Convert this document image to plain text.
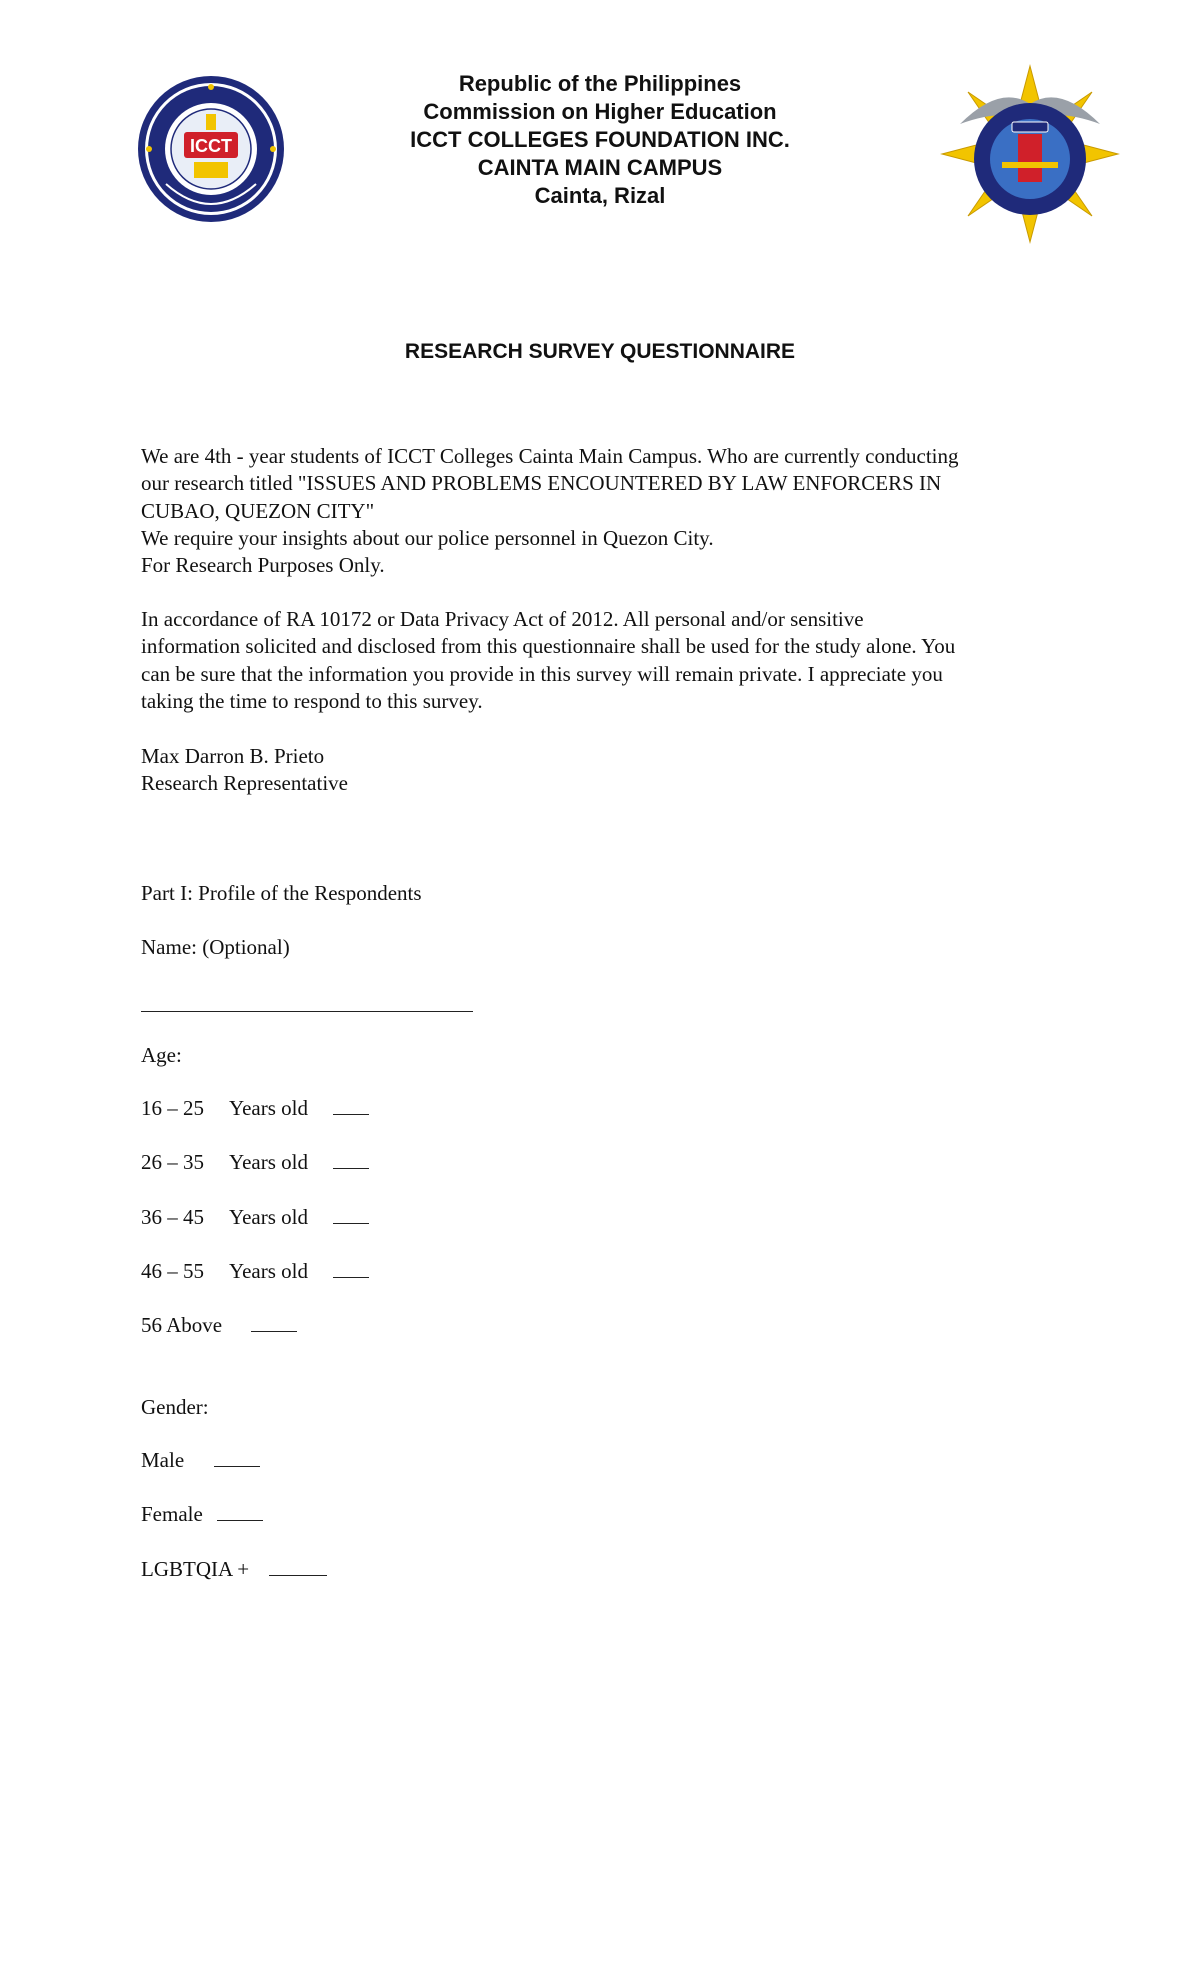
ICCT
Republic of the Philippines
Commission on Higher Education
ICCT COLLEGES FOUNDATION INC.
CAINTA MAIN CAMPUS
Cainta, Rizal
RESEARCH SURVEY QUESTIONNAIRE

We are 4th - year students of ICCT Colleges Cainta Main Campus. Who are currently conducting

our research titled "ISSUES AND PROBLEMS ENCOUNTERED BY LAW ENFORCERS IN

CUBAO, QUEZON CITY"

We require your insights about our police personnel in Quezon City.

For Research Purposes Only.

In accordance of RA 10172 or Data Privacy Act of 2012. All personal and/or sensitive

information solicited and disclosed from this questionnaire shall be used for the study alone. You

can be sure that the information you provide in this survey will remain private. I appreciate you

taking the time to respond to this survey.

Max Darron B. Prieto

Research Representative

Part I: Profile of the Respondents
Name: (Optional)
Age:
16 – 25 Years old
26 – 35 Years old
36 – 45 Years old
46 – 55 Years old
56 Above
Gender:
Male
Female
LGBTQIA +
